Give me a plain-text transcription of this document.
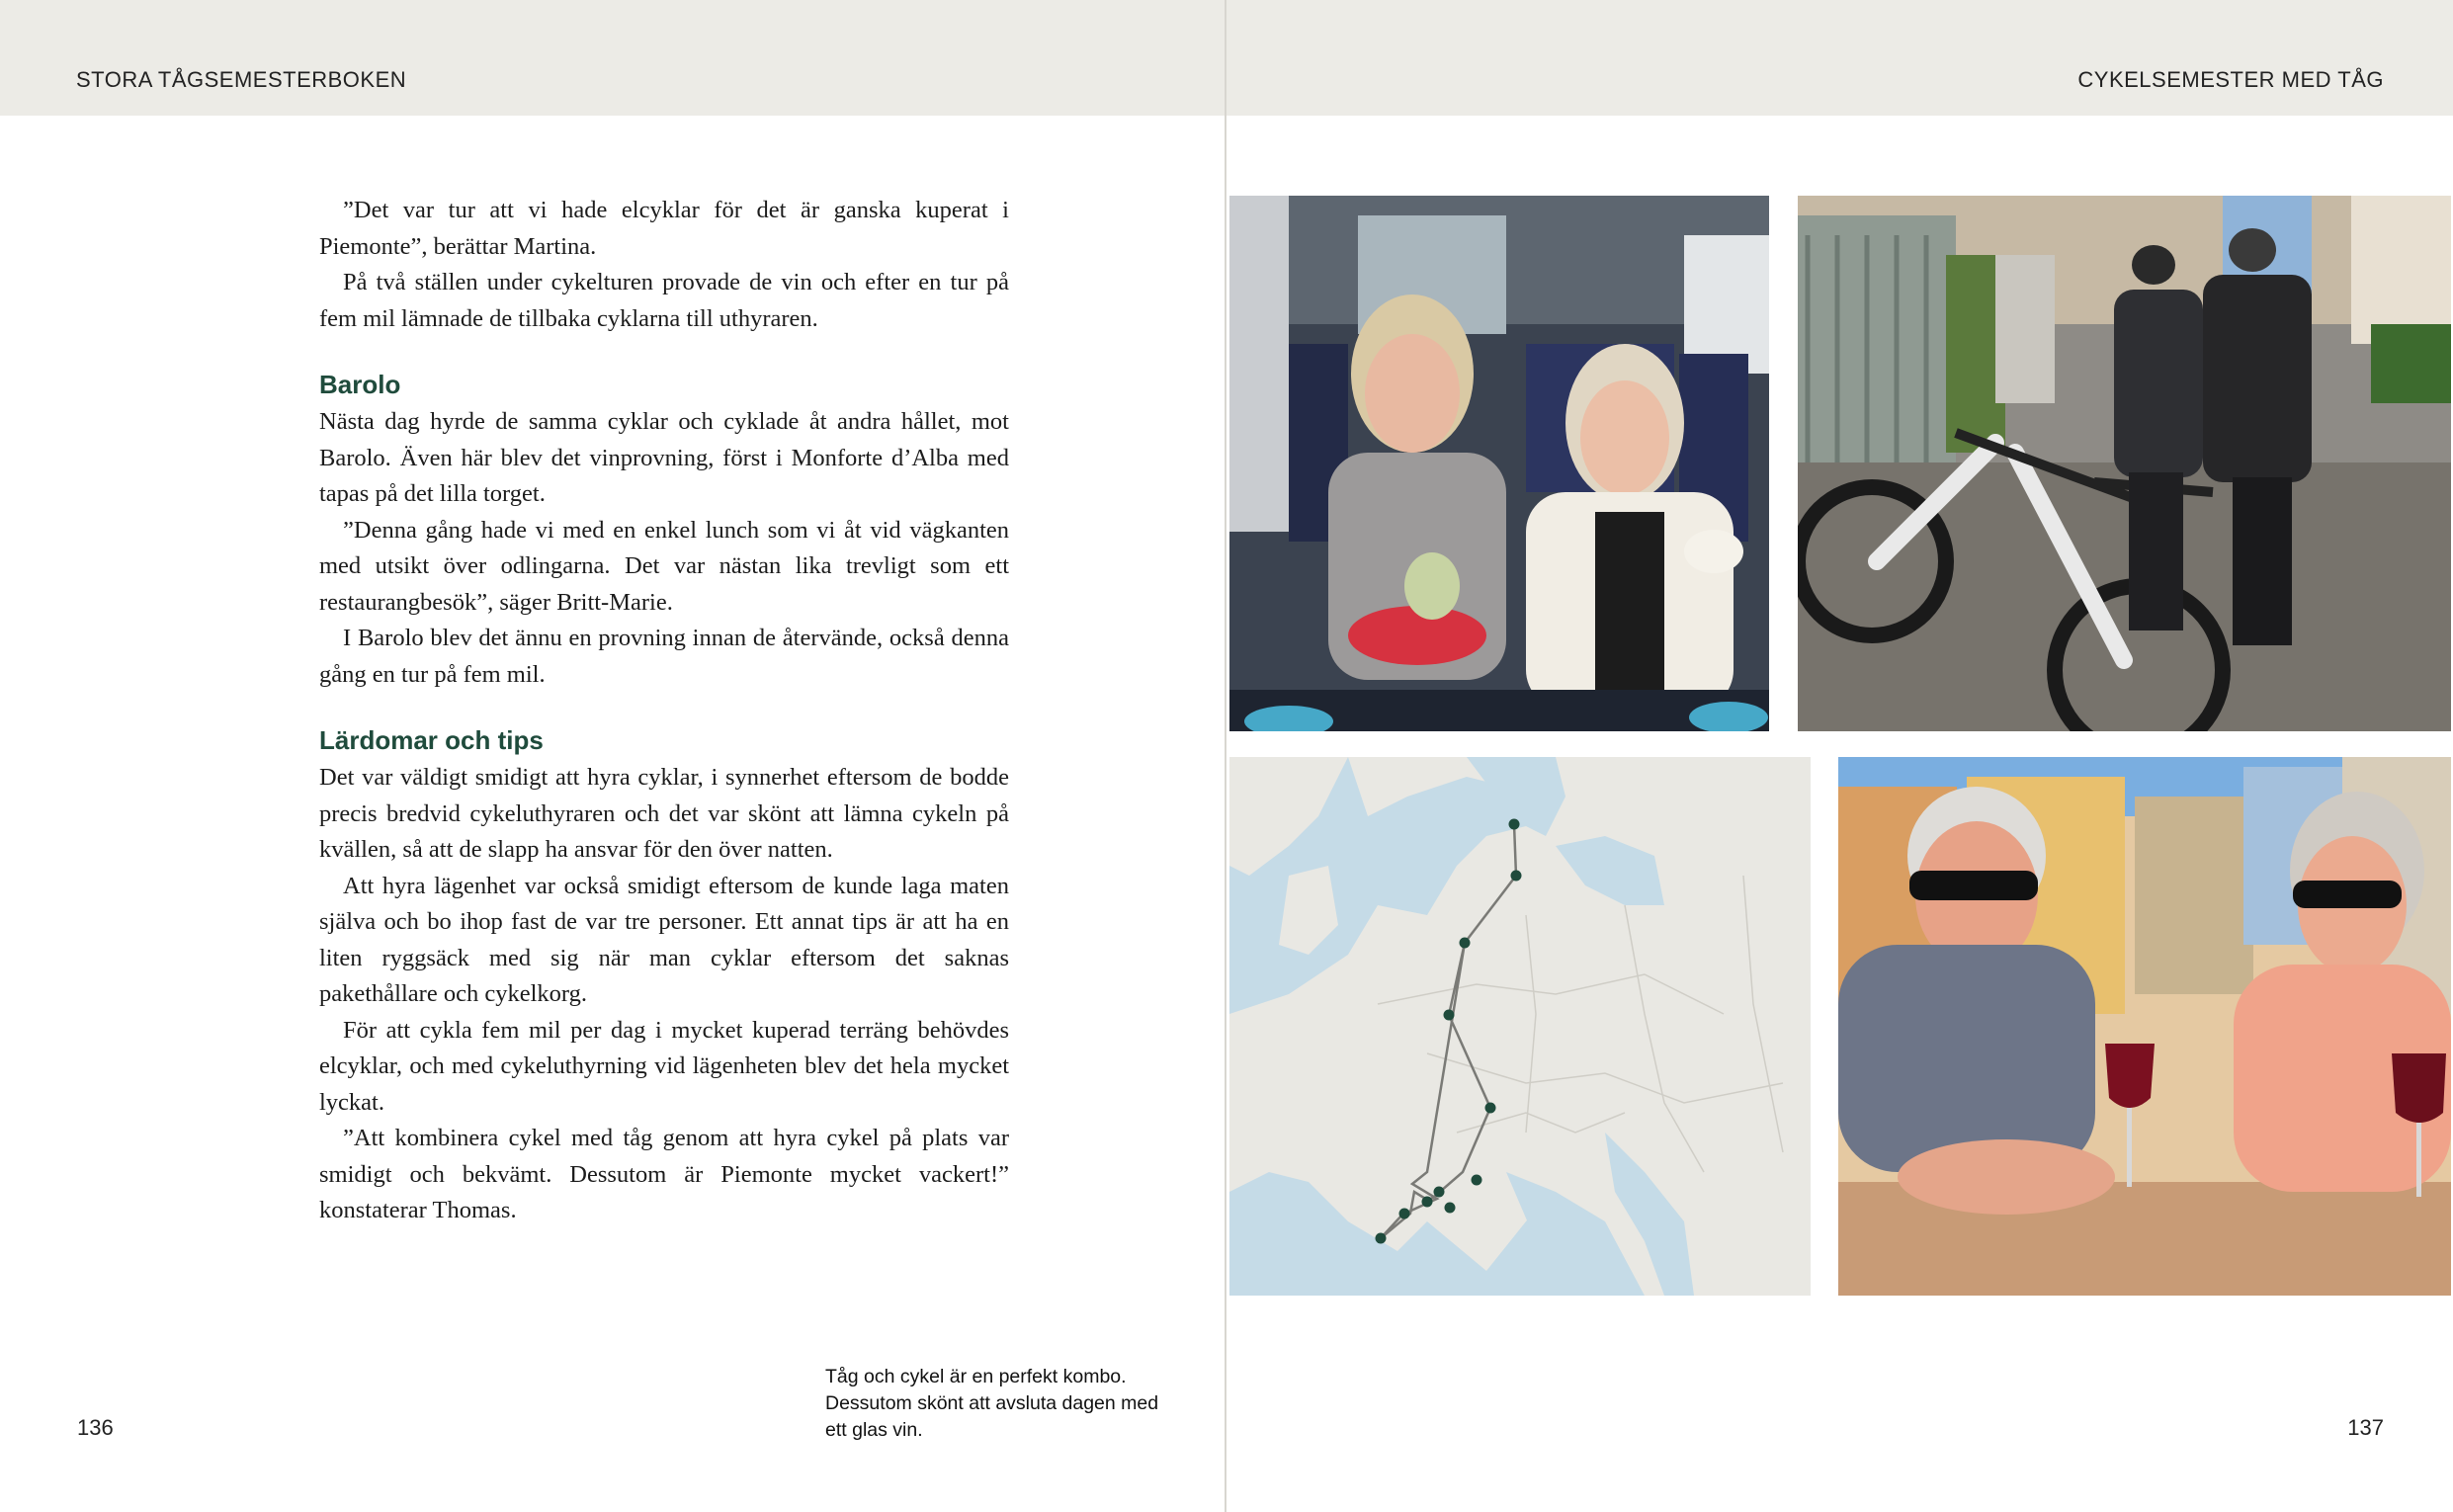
STORA TÅGSEMESTERBOKEN

”Det var tur att vi hade elcyklar för det är ganska kuperat i Piemonte”, berättar Martina.

På två ställen under cykelturen provade de vin och efter en tur på fem mil lämnade de tillbaka cyklarna till uthyraren.

Barolo

Nästa dag hyrde de samma cyklar och cyklade åt andra hållet, mot Barolo. Även här blev det vinprovning, först i Monforte d’Alba med tapas på det lilla torget.

”Denna gång hade vi med en enkel lunch som vi åt vid vägkanten med utsikt över odlingarna. Det var nästan lika trevligt som ett restaurangbesök”, säger Britt-Marie.

I Barolo blev det ännu en provning innan de återvände, också denna gång en tur på fem mil.

Lärdomar och tips

Det var väldigt smidigt att hyra cyklar, i synnerhet eftersom de bodde precis bredvid cykeluthyraren och det var skönt att lämna cykeln på kvällen, så att de slapp ha ansvar för den över natten.

Att hyra lägenhet var också smidigt eftersom de kunde laga maten själva och bo ihop fast de var tre personer. Ett annat tips är att ha en liten ryggsäck med sig när man cyklar eftersom det saknas pakethållare och cykelkorg.

För att cykla fem mil per dag i mycket kuperad terräng behövdes elcyklar, och med cykeluthyrning vid lägenheten blev det hela mycket lyckat.

”Att kombinera cykel med tåg genom att hyra cykel på plats var smidigt och bekvämt. Dessutom är Piemonte mycket vackert!” konstaterar Thomas.

Tåg och cykel är en perfekt kombo. Dessutom skönt att avsluta dagen med ett glas vin.
136
CYKELSEMESTER MED TÅG
137
